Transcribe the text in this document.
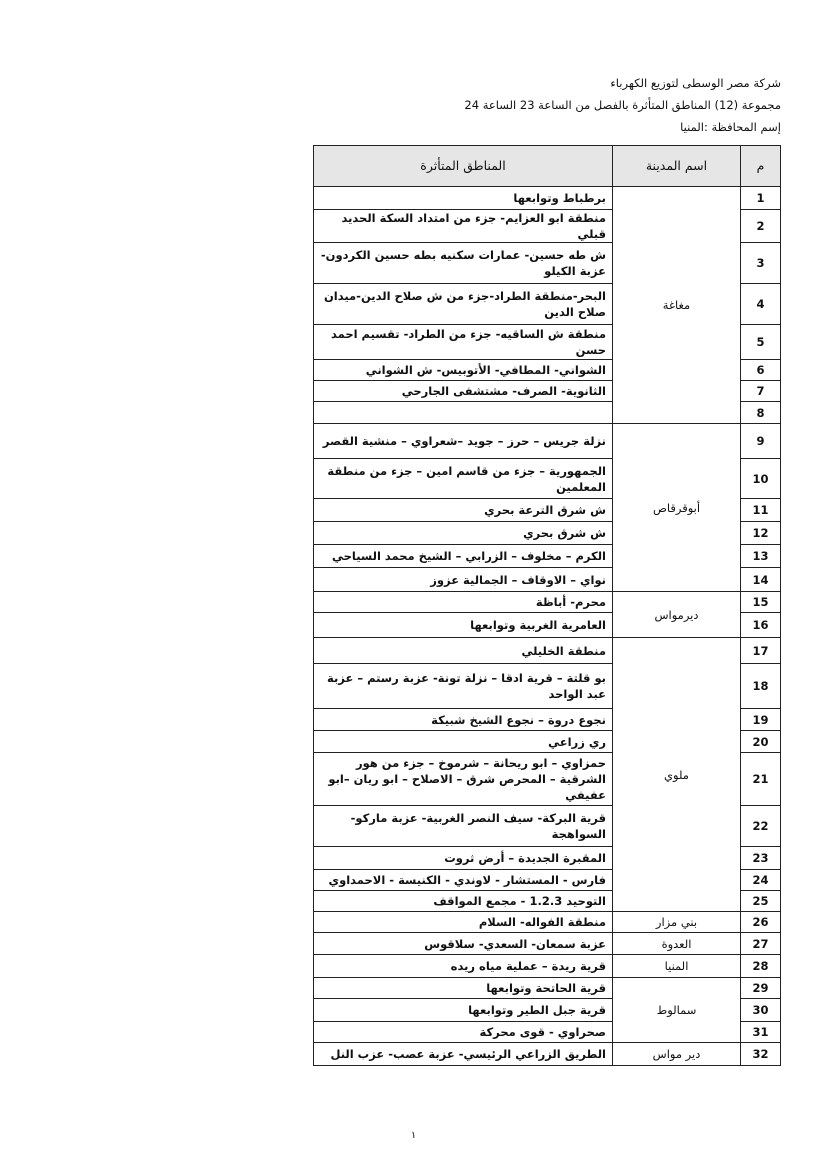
شركة مصر الوسطى لتوزيع الكهرباء
مجموعة (12) المناطق المتأثرة بالفصل من الساعة 23 الساعة 24
إسم المحافظة :المنيا
م	اسم المدينة	المناطق المتأثرة
1	مغاغة	برطباط وتوابعها
2		منطقة ابو العزايم- جزء من امتداد السكة الحديد قبلي
3		ش طه حسين- عمارات سكنيه بطه حسين الكردون- عزبة الكيلو
4		البحر-منطقة الطراد-جزء من ش صلاح الدين-ميدان صلاح الدين
5		منطقة ش الساقيه- جزء من الطراد- تقسيم احمد حسن
6		الشواني- المطافي- الأتوبيس- ش الشواني
7		الثانوية- الصرف- مشتشفى الجارحي
8		
9	أبوقرقاص	نزلة جريس – حرز – جويد –شعراوي – منشية القصر
10		الجمهورية – جزء من قاسم امين – جزء من منطقة المعلمين
11		ش شرق الترعة بحري
12		ش شرق بحري
13		الكرم – مخلوف – الزرابي – الشيخ محمد السياحي
14		نواي – الاوقاف – الجمالية عزوز
15	ديرمواس	محرم- أباظة
16		العامرية الغربية وتوابعها
17	ملوي	منطقة الخليلي
18		بو قلتة – قرية ادقا – نزلة تونة- عزبة رستم – عزبة عبد الواحد
19		نجوع دروة – نجوع الشيخ شبيكة
20		ري زراعي
21		حمزاوي – ابو ريحانة – شرموخ – جزء من هور الشرقية – المحرص شرق – الاصلاح – ابو ريان –ابو عفيفي
22		قرية البركة- سيف النصر الغربية- عزبة ماركو- السواهجة
23		المقبرة الجديدة – أرض ثروت
24		فارس - المستشار - لاوندي - الكنيسة - الاحمداوي
25		التوحيد 1.2.3 - مجمع المواقف
26	بني مزار	منطقة الفواله- السلام
27	العدوة	عزبة سمعان- السعدي- سلاقوس
28	المنيا	قرية ريدة – عملية مياه ريده
29	سمالوط	قرية الحاتحة وتوابعها
30		قرية جبل الطير وتوابعها
31		صحراوي - قوى محركة
32	دير مواس	الطريق الزراعي الرئيسي- عزبة عصب- عزب النل
١
